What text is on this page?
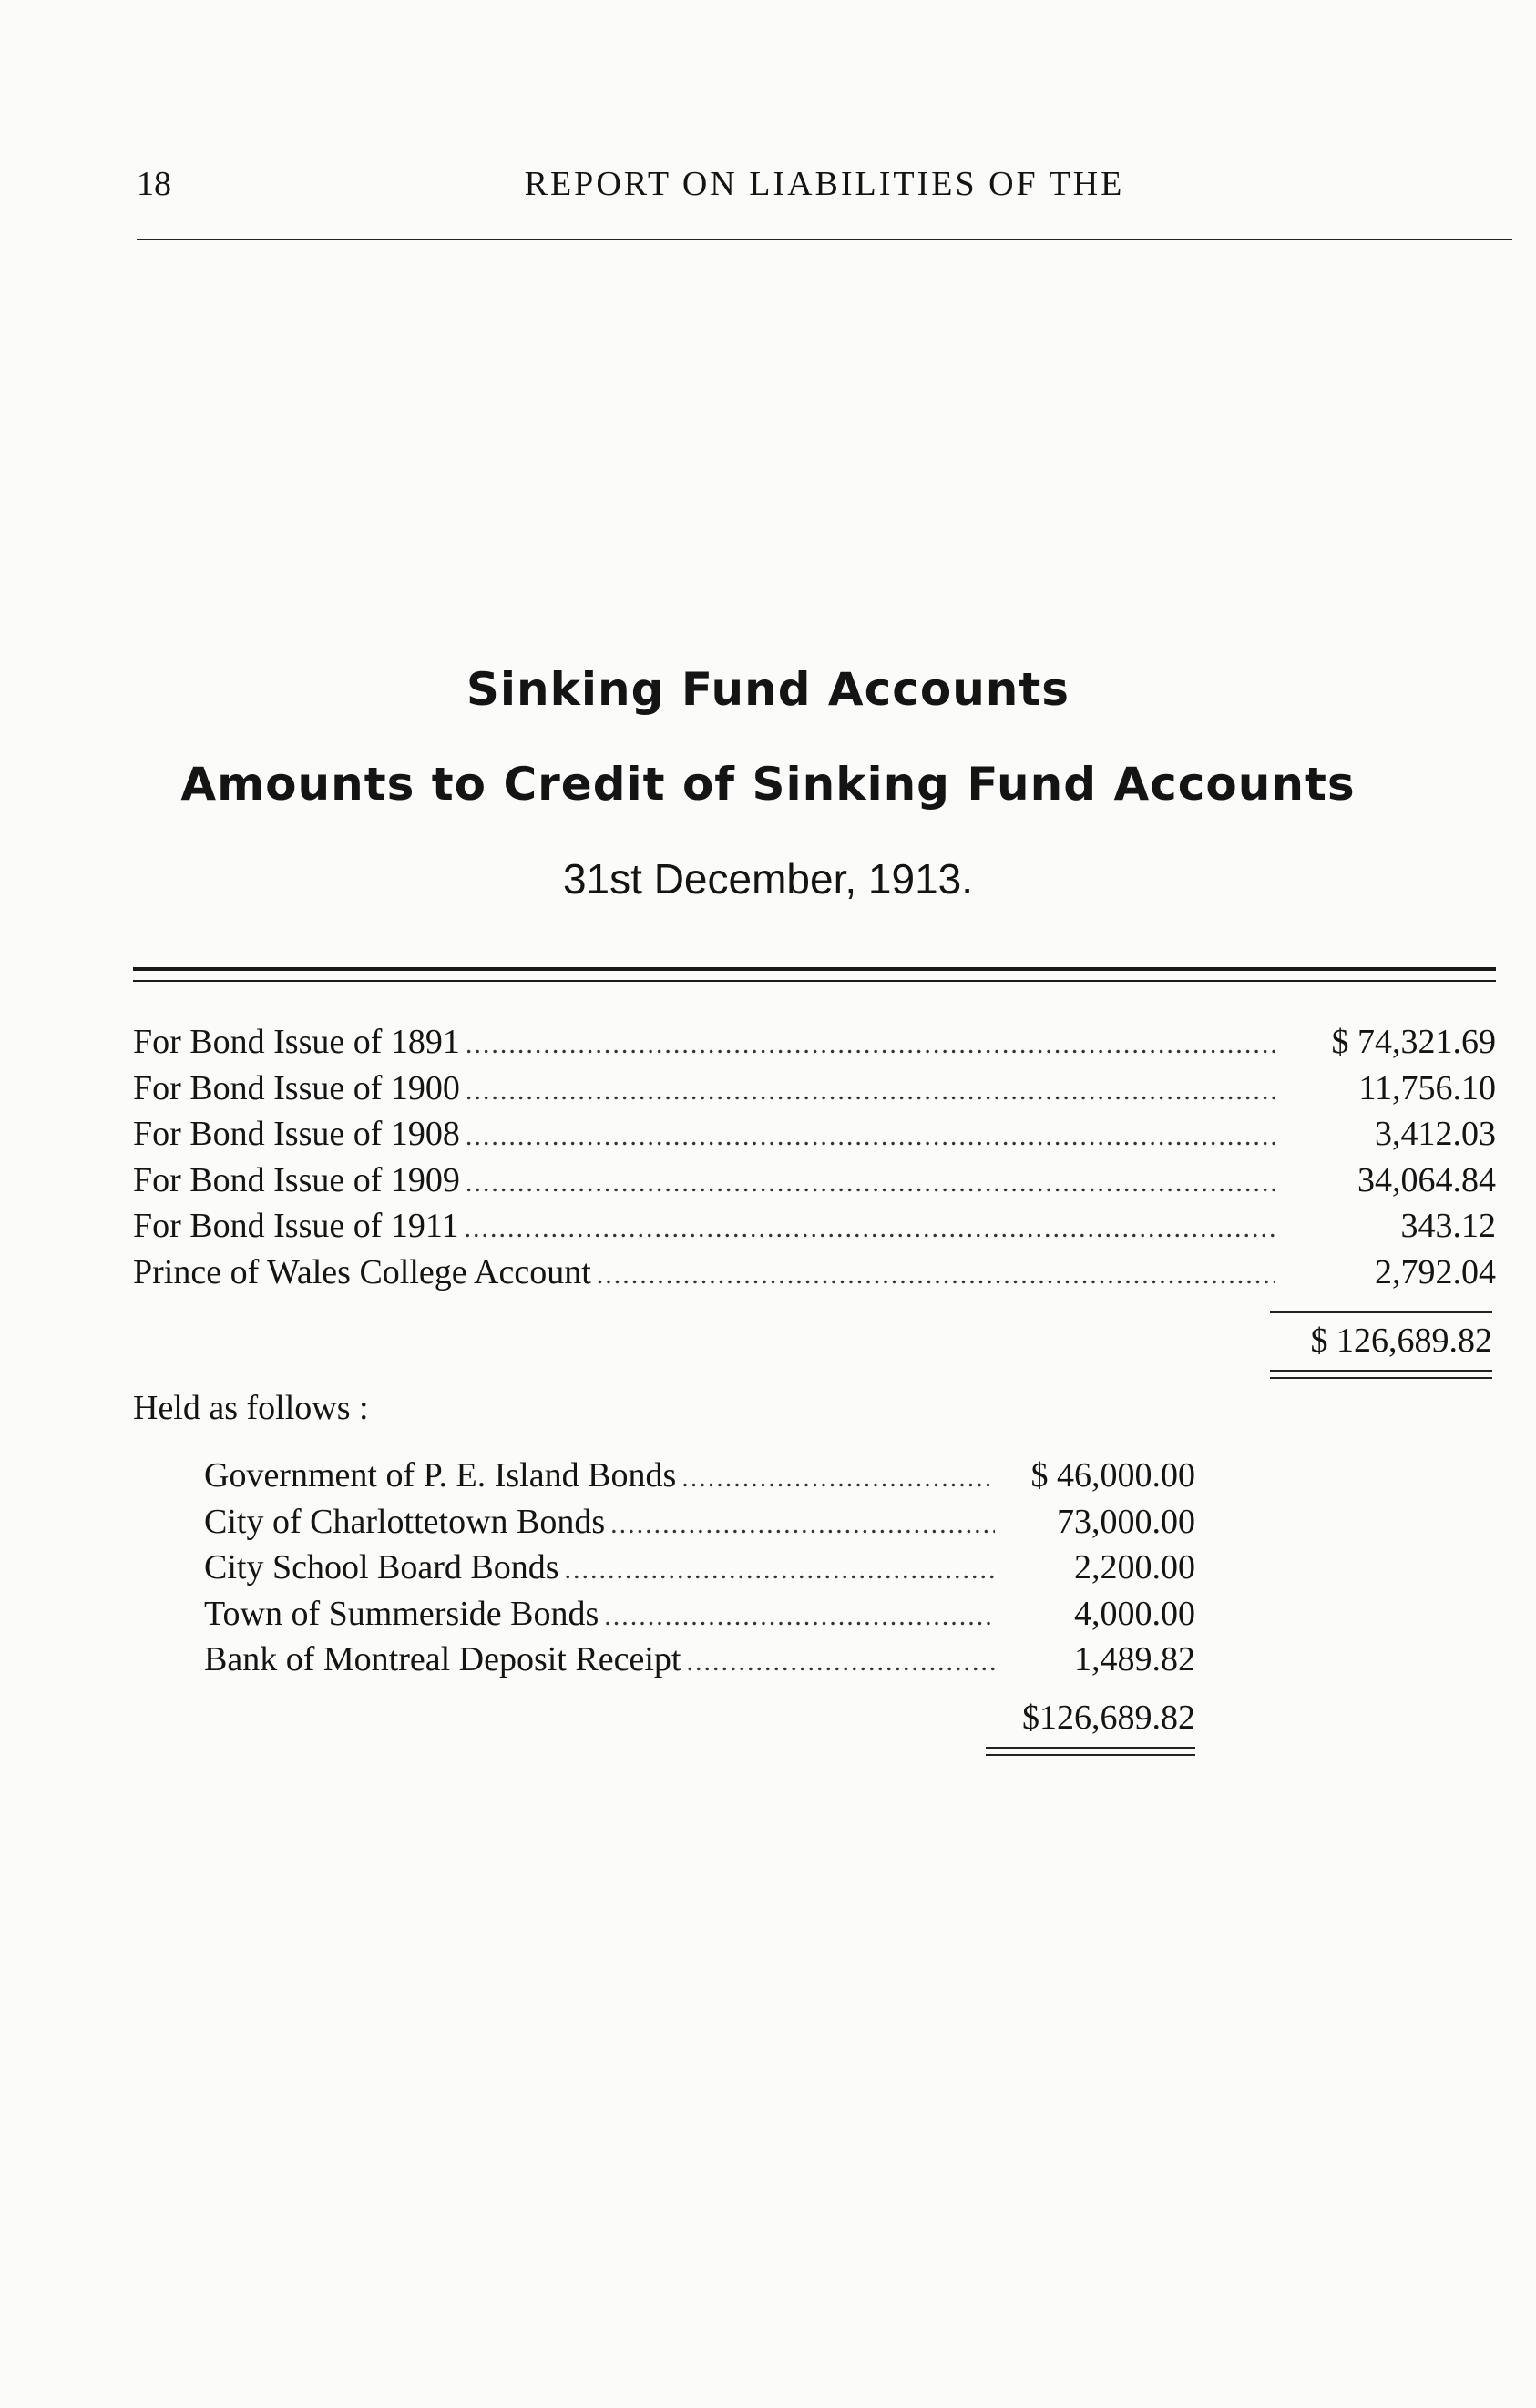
18	REPORT ON LIABILITIES OF THE
Sinking Fund Accounts
Amounts to Credit of Sinking Fund Accounts
31st December, 1913.
For Bond Issue of 1891 .....	$ 74,321.69
For Bond Issue of 1900 .....	11,756.10
For Bond Issue of 1908 .....	3,412.03
For Bond Issue of 1909 .....	34,064.84
For Bond Issue of 1911 .....	343.12
Prince of Wales College Account .....	2,792.04
$ 126,689.82
Held as follows :
Government of P. E. Island Bonds .....	$ 46,000.00
City of Charlottetown Bonds .....	73,000.00
City School Board Bonds .....	2,200.00
Town of Summerside Bonds .....	4,000.00
Bank of Montreal Deposit Receipt .....	1,489.82
$126,689.82
